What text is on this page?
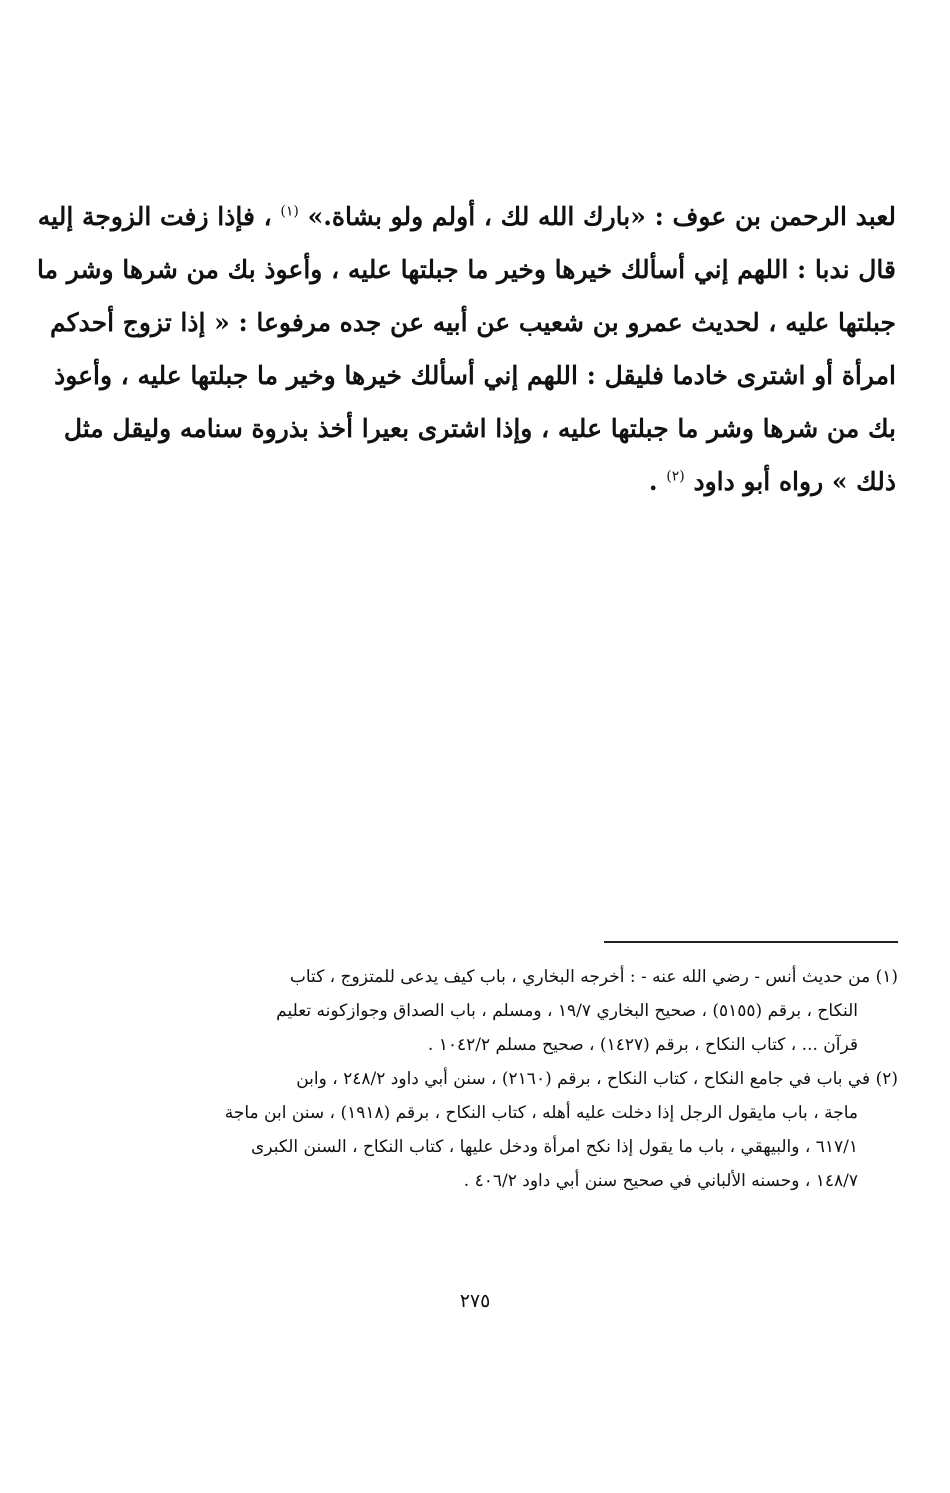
لعبد الرحمن بن عوف : «بارك الله لك ، أولم ولو بشاة.» $^{(١)}$ ، فإذا زفت الزوجة إليه
قال ندبا : اللهم إني أسألك خيرها وخير ما جبلتها عليه ، وأعوذ بك من شرها وشر ما
جبلتها عليه ، لحديث عمرو بن شعيب عن أبيه عن جده مرفوعا : « إذا تزوج أحدكم
امرأة أو اشترى خادما فليقل : اللهم إني أسألك خيرها وخير ما جبلتها عليه ، وأعوذ
بك من شرها وشر ما جبلتها عليه ، وإذا اشترى بعيرا أخذ بذروة سنامه وليقل مثل
ذلك » رواه أبو داود $^{(٢)}$ .
(١) من حديث أنس - رضي الله عنه - : أخرجه البخاري ، باب كيف يدعى للمتزوج ، كتاب
النكاح ، برقم (٥١٥٥) ، صحيح البخاري ١٩/٧ ، ومسلم ، باب الصداق وجوازكونه تعليم
قرآن ... ، كتاب النكاح ، برقم (١٤٢٧) ، صحيح مسلم ١٠٤٢/٢ .
(٢) في باب في جامع النكاح ، كتاب النكاح ، برقم (٢١٦٠) ، سنن أبي داود ٢٤٨/٢ ، وابن
ماجة ، باب مايقول الرجل إذا دخلت عليه أهله ، كتاب النكاح ، برقم (١٩١٨) ، سنن ابن ماجة
٦١٧/١ ، والبيهقي ، باب ما يقول إذا نكح امرأة ودخل عليها ، كتاب النكاح ، السنن الكبرى
١٤٨/٧ ، وحسنه الألباني في صحيح سنن أبي داود ٤٠٦/٢ .
٢٧٥
